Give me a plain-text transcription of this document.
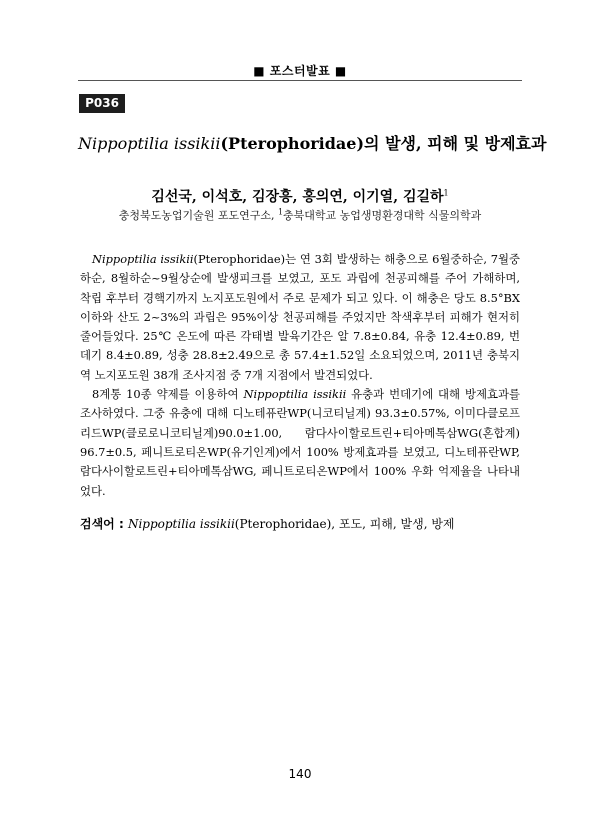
■ 포스터발표 ■
P036
Nippoptilia issikii(Pterophoridae)의 발생, 피해 및 방제효과
김선국, 이석호, 김장흥, 홍의연, 이기열, 김길하$^1$
충청북도농업기술원 포도연구소, $^1$충북대학교 농업생명환경대학 식물의학과

Nippoptilia issikii(Pterophoridae)는 연 3회 발생하는 해충으로 6월중하순, 7월중하순, 8월하순~9월상순에 발생피크를 보였고, 포도 과립에 천공피해를 주어 가해하며, 착립 후부터 경핵기까지 노지포도원에서 주로 문제가 되고 있다. 이 해충은 당도 8.5°BX 이하와 산도 2~3%의 과립은 95%이상 천공피해를 주었지만 착색후부터 피해가 현저히 줄어들었다. 25℃ 온도에 따른 각태별 발육기간은 알 7.8±0.84, 유충 12.4±0.89, 번데기 8.4±0.89, 성충 28.8±2.49으로 총 57.4±1.52일 소요되었으며, 2011년 충북지역 노지포도원 38개 조사지점 중 7개 지점에서 발견되었다.

8계통 10종 약제를 이용하여 Nippoptilia issikii 유충과 번데기에 대해 방제효과를 조사하였다. 그중 유충에 대해 디노테퓨란WP(니코티닐계) 93.3±0.57%, 이미다클로프리드WP(클로로니코티닐계)90.0±1.00, 람다사이할로트린+티아메톡삼WG(혼합계) 96.7±0.5, 페니트로티온WP(유기인계)에서 100% 방제효과를 보였고, 디노테퓨란WP, 람다사이할로트린+티아메톡삼WG, 페니트로티온WP에서 100% 우화 억제율을 나타내었다.

검색어 : Nippoptilia issikii(Pterophoridae), 포도, 피해, 발생, 방제
140
